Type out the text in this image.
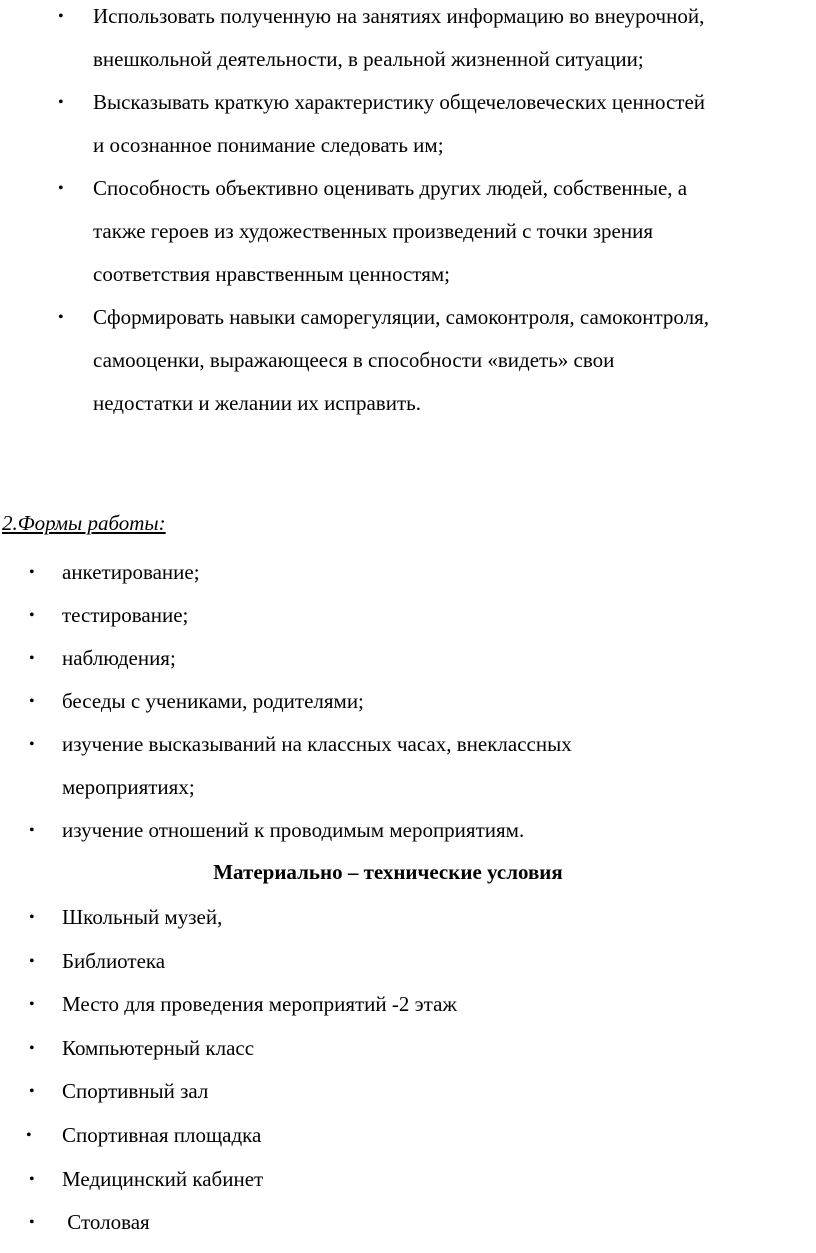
• Использовать полученную на занятиях информацию во внеурочной,
внешкольной деятельности, в реальной жизненной ситуации;
• Высказывать краткую характеристику общечеловеческих ценностей
и осознанное понимание следовать им;
• Способность объективно оценивать других людей, собственные, а
также героев из художественных произведений с точки зрения
соответствия нравственным ценностям;
• Сформировать навыки саморегуляции, самоконтроля, самоконтроля,
самооценки, выражающееся в способности «видеть» свои
недостатки и желании их исправить.
2.Формы работы:
• анкетирование;
• тестирование;
• наблюдения;
• беседы с учениками, родителями;
• изучение высказываний на классных часах, внеклассных
мероприятиях;
• изучение отношений к проводимым мероприятиям.
Материально – технические условия
• Школьный музей,
• Библиотека
• Место для проведения мероприятий -2 этаж
• Компьютерный класс
• Спортивный зал
• Спортивная площадка
• Медицинский кабинет
• Столовая
